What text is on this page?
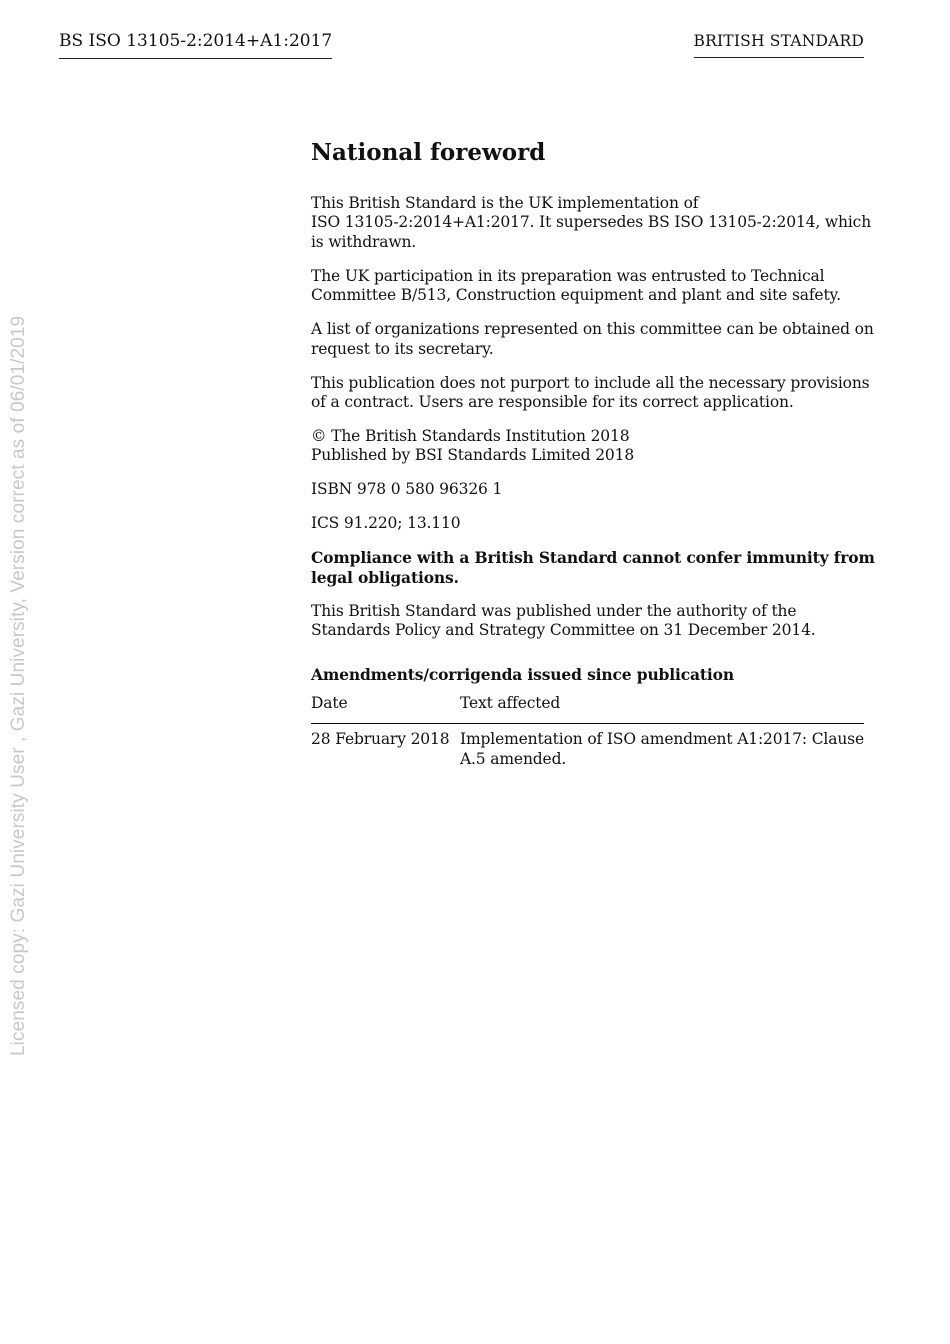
BS ISO 13105-2:2014+A1:2017	BRITISH STANDARD
Licensed copy: Gazi University User , Gazi University, Version correct as of 06/01/2019
National foreword
This British Standard is the UK implementation of
ISO 13105-2:2014+A1:2017. It supersedes BS ISO 13105-2:2014, which
is withdrawn.
The UK participation in its preparation was entrusted to Technical
Committee B/513, Construction equipment and plant and site safety.
A list of organizations represented on this committee can be obtained on
request to its secretary.
This publication does not purport to include all the necessary provisions
of a contract. Users are responsible for its correct application.
© The British Standards Institution 2018
Published by BSI Standards Limited 2018
ISBN 978 0 580 96326 1
ICS 91.220; 13.110
Compliance with a British Standard cannot confer immunity from
legal obligations.
This British Standard was published under the authority of the
Standards Policy and Strategy Committee on 31 December 2014.
Amendments/corrigenda issued since publication
Date	Text affected
28 February 2018	Implementation of ISO amendment A1:2017: Clause
A.5 amended.
